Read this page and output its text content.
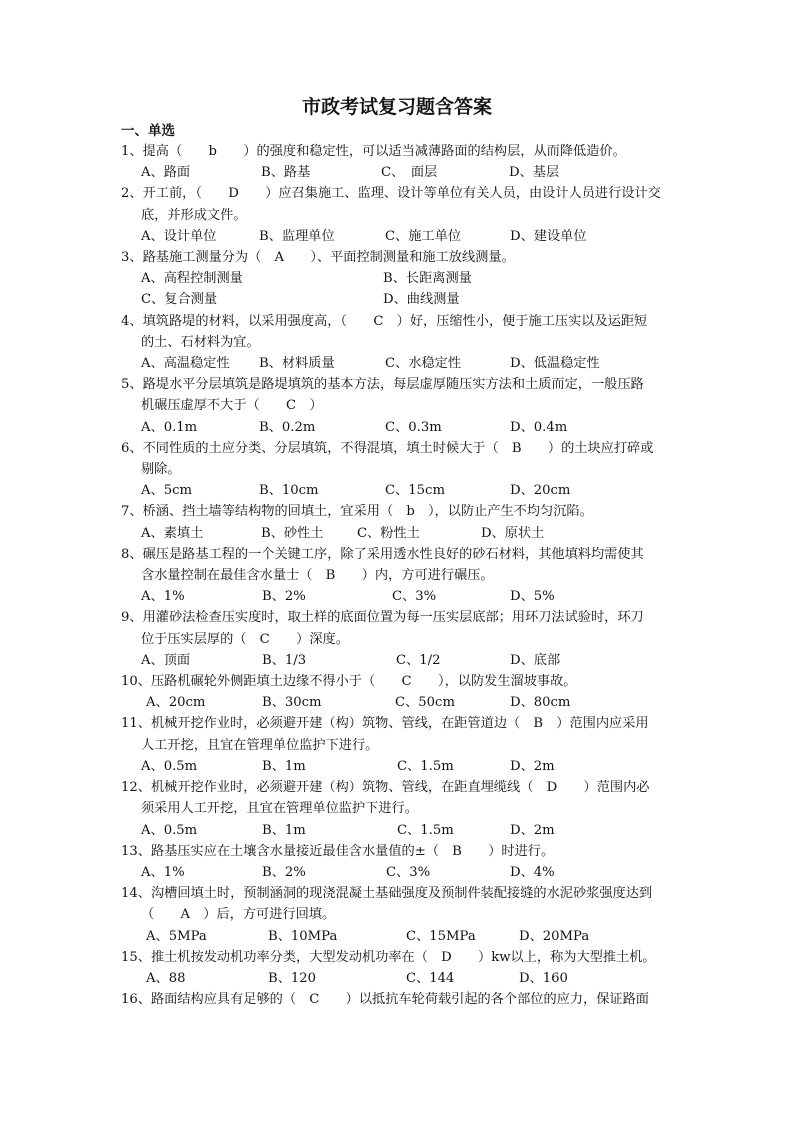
市政考试复习题含答案
一、单选
1、提高（　　b　　）的强度和稳定性，可以适当减薄路面的结构层，从而降低造价。
A、路面	B、路基	C、　面层	D、基层
2、开工前，（　　D　　）应召集施工、监理、设计等单位有关人员，由设计人员进行设计交
底，并形成文件。
A、设计单位	B、监理单位	C、施工单位	D、建设单位
3、路基施工测量分为（　A　　）、平面控制测量和施工放线测量。
A、高程控制测量	B、长距离测量
C、复合测量	D、曲线测量
4、填筑路堤的材料，以采用强度高，（　　C　）好，压缩性小，便于施工压实以及运距短
的土、石材料为宜。
A、高温稳定性	B、材料质量	C、水稳定性	D、低温稳定性
5、路堤水平分层填筑是路堤填筑的基本方法，每层虚厚随压实方法和土质而定，一般压路
机碾压虚厚不大于（　　C　）
A、0.1m	B、0.2m	C、0.3m	D、0.4m
6、不同性质的土应分类、分层填筑，不得混填，填土时候大于（　B　　）的土块应打碎或
剔除。
A、5cm	B、10cm	C、15cm	D、20cm
7、桥涵、挡土墙等结构物的回填土，宜采用（　b　），以防止产生不均匀沉陷。
A、素填土	B、砂性土	C、粉性土	D、原状土
8、碾压是路基工程的一个关键工序，除了采用透水性良好的砂石材料，其他填料均需使其
含水量控制在最佳含水量士（　B　　）内，方可进行碾压。
A、1%	B、2%	C、3%	D、5%
9、用灌砂法检查压实度时，取土样的底面位置为每一压实层底部；用环刀法试验时，环刀
位于压实层厚的（　C　　）深度。
A、顶面	B、1/3	C、1/2	D、底部
10、压路机碾轮外侧距填土边缘不得小于（　　C　　），以防发生溜坡事故。
A、20cm	B、30cm	C、50cm	D、80cm
11、机械开挖作业时，必须避开建（构）筑物、管线，在距管道边（　B　）范围内应采用
人工开挖，且宜在管理单位监护下进行。
A、0.5m	B、1m	C、1.5m	D、2m
12、机械开挖作业时，必须避开建（构）筑物、管线，在距直埋缆线（　D　　）范围内必
须采用人工开挖，且宜在管理单位监护下进行。
A、0.5m	B、1m	C、1.5m	D、2m
13、路基压实应在土壤含水量接近最佳含水量值的±（　B　　）时进行。
A、1%	B、2%	C、3%	D、4%
14、沟槽回填土时，预制涵洞的现浇混凝土基础强度及预制件装配接缝的水泥砂浆强度达到
（　　A　）后，方可进行回填。
A、5MPa	B、10MPa	C、15MPa	D、20MPa
15、推土机按发动机功率分类，大型发动机功率在（　D　　）kw以上，称为大型推土机。
A、88	B、120	C、144	D、160
16、路面结构应具有足够的（　C　　）以抵抗车轮荷载引起的各个部位的应力，保证路面
